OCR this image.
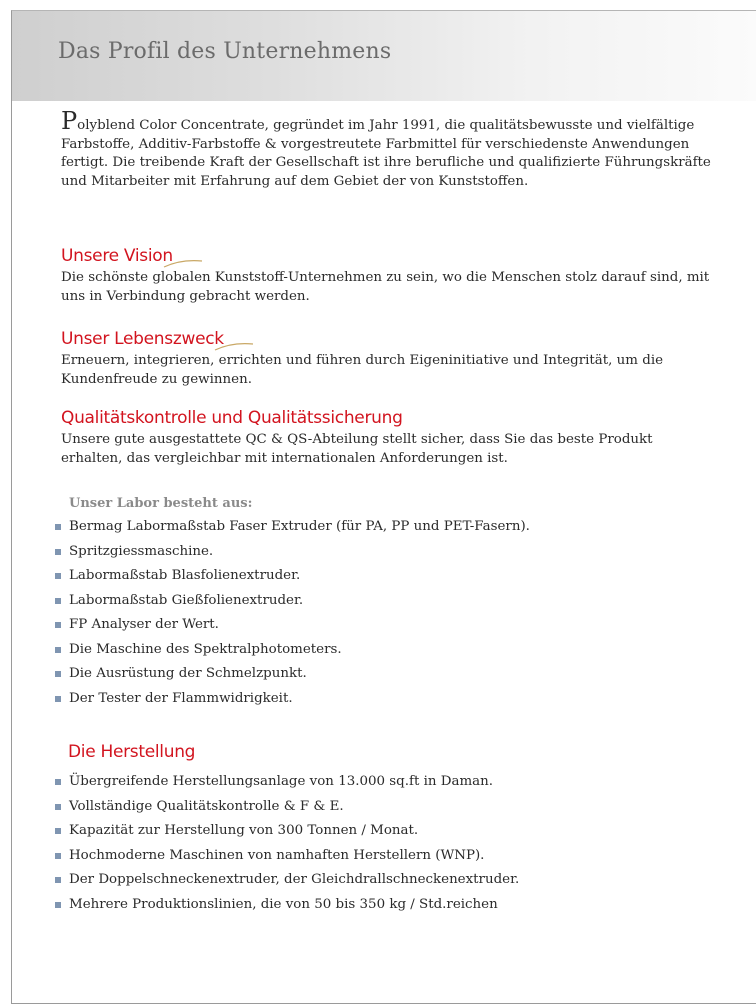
Das Profil des Unternehmens

Polyblend Color Concentrate, gegründet im Jahr 1991, die qualitätsbewusste und vielfältige Farbstoffe, Additiv-Farbstoffe & vorgestreutete Farbmittel für verschiedenste Anwendungen fertigt. Die treibende Kraft der Gesellschaft ist ihre berufliche und qualifizierte Führungskräfte und Mitarbeiter mit Erfahrung auf dem Gebiet der von Kunststoffen.

Unsere Vision

Die schönste globalen Kunststoff-Unternehmen zu sein, wo die Menschen stolz darauf sind, mit uns in Verbindung gebracht werden.

Unser Lebenszweck

Erneuern, integrieren, errichten und führen durch Eigeninitiative und Integrität, um die Kundenfreude zu gewinnen.

Qualitätskontrolle und Qualitätssicherung

Unsere gute ausgestattete QC & QS-Abteilung stellt sicher, dass Sie das beste Produkt erhalten, das vergleichbar mit internationalen Anforderungen ist.

Unser Labor besteht aus:
Bermag Labormaßstab Faser Extruder (für PA, PP und PET-Fasern).
Spritzgiessmaschine.
Labormaßstab Blasfolienextruder.
Labormaßstab Gießfolienextruder.
FP Analyser der Wert.
Die Maschine des Spektralphotometers.
Die Ausrüstung der Schmelzpunkt.
Der Tester der Flammwidrigkeit.
Die Herstellung
Übergreifende Herstellungsanlage von 13.000 sq.ft in Daman.
Vollständige Qualitätskontrolle & F & E.
Kapazität zur Herstellung von 300 Tonnen / Monat.
Hochmoderne Maschinen von namhaften Herstellern (WNP).
Der Doppelschneckenextruder, der Gleichdrallschneckenextruder.
Mehrere Produktionslinien, die von 50 bis 350 kg / Std.reichen
